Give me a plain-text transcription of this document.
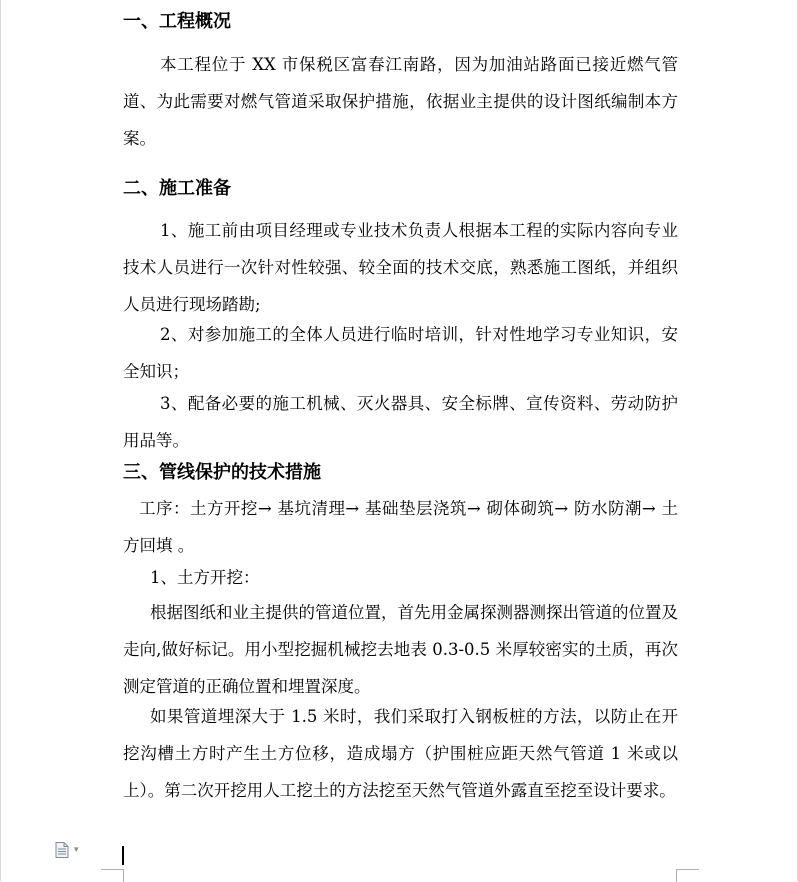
一、工程概况
本工程位于 XX 市保税区富春江南路，因为加油站路面已接近燃气管道、为此需要对燃气管道采取保护措施，依据业主提供的设计图纸编制本方案。
二、施工准备
1、施工前由项目经理或专业技术负责人根据本工程的实际内容向专业技术人员进行一次针对性较强、较全面的技术交底，熟悉施工图纸，并组织人员进行现场踏勘;
2、对参加施工的全体人员进行临时培训，针对性地学习专业知识，安全知识；
3、配备必要的施工机械、灭火器具、安全标牌、宣传资料、劳动防护用品等。
三、管线保护的技术措施
工序：土方开挖→ 基坑清理→ 基础垫层浇筑→ 砌体砌筑→ 防水防潮→ 土方回填 。
1、土方开挖：
根据图纸和业主提供的管道位置，首先用金属探测器测探出管道的位置及走向,做好标记。用小型挖掘机械挖去地表 0.3-0.5 米厚较密实的土质，再次测定管道的正确位置和埋置深度。
如果管道埋深大于 1.5 米时，我们采取打入钢板桩的方法，以防止在开挖沟槽土方时产生土方位移，造成塌方（护围桩应距天然气管道 1 米或以上）。第二次开挖用人工挖土的方法挖至天然气管道外露直至挖至设计要求。
▾
